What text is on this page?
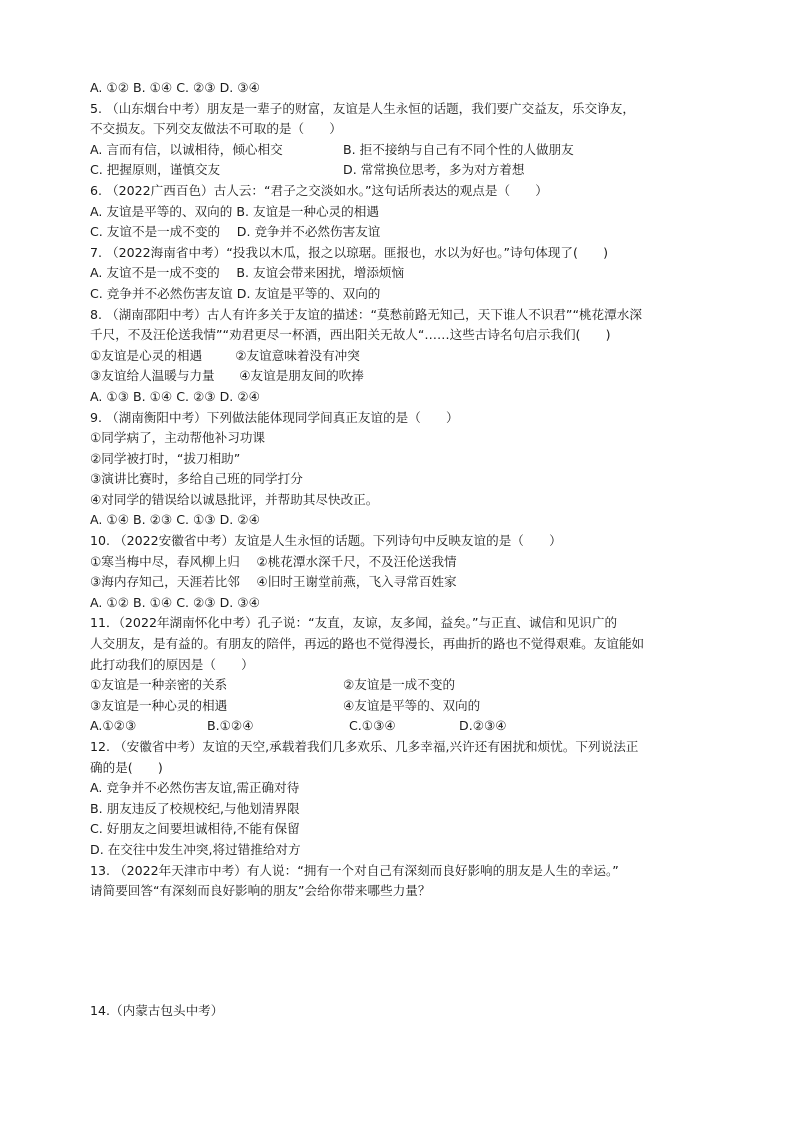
A. ①② B. ①④ C. ②③ D. ③④
5. （山东烟台中考）朋友是一辈子的财富，友谊是人生永恒的话题，我们要广交益友，乐交诤友，
不交损友。下列交友做法不可取的是（　　）
A. 言而有信，以诚相待，倾心相交	B. 拒不接纳与自己有不同个性的人做朋友
C. 把握原则，谨慎交友	D. 常常换位思考，多为对方着想
6. （2022广西百色）古人云：“君子之交淡如水。”这句话所表达的观点是（　　）
A. 友谊是平等的、双向的 B. 友谊是一种心灵的相遇
C. 友谊不是一成不变的　 D. 竞争并不必然伤害友谊
7. （2022海南省中考）“投我以木瓜，报之以琼琚。匪报也，水以为好也。”诗句体现了(　　)
A. 友谊不是一成不变的　 B. 友谊会带来困扰，增添烦恼
C. 竞争并不必然伤害友谊 D. 友谊是平等的、双向的
8. （湖南邵阳中考）古人有许多关于友谊的描述：“莫愁前路无知己，天下谁人不识君”“桃花潭水深
千尺，不及汪伦送我情”“劝君更尽一杯酒，西出阳关无故人“……这些古诗名句启示我们(　　)
①友谊是心灵的相遇　　  ②友谊意味着没有冲突
③友谊给人温暖与力量　   ④友谊是朋友间的吹捧
A. ①③ B. ①④ C. ②③ D. ②④
9. （湖南衡阳中考）下列做法能体现同学间真正友谊的是（　　）
①同学病了，主动帮他补习功课
②同学被打时，“拔刀相助”
③演讲比赛时，多给自己班的同学打分
④对同学的错误给以诚恳批评，并帮助其尽快改正。
A. ①④ B. ②③ C. ①③ D. ②④
10. （2022安徽省中考）友谊是人生永恒的话题。下列诗句中反映友谊的是（　　）
①寒当梅中尽，春风柳上归　 ②桃花潭水深千尺，不及汪伦送我情
③海内存知己，天涯若比邻　 ④旧时王谢堂前燕，飞入寻常百姓家
A. ①② B. ①④ C. ②③ D. ③④
11．（2022年湖南怀化中考）孔子说：“友直，友谅，友多闻，益矣。”与正直、诚信和见识广的
人交朋友，是有益的。有朋友的陪伴，再远的路也不觉得漫长，再曲折的路也不觉得艰难。友谊能如
此打动我们的原因是（　　）
①友谊是一种亲密的关系	②友谊是一成不变的
③友谊是一种心灵的相遇	④友谊是平等的、双向的
A.①②③	B.①②④	C.①③④	D.②③④
12. （安徽省中考）友谊的天空,承载着我们几多欢乐、几多幸福,兴许还有困扰和烦忧。下列说法正
确的是(　　)
A. 竞争并不必然伤害友谊,需正确对待
B. 朋友违反了校规校纪,与他划清界限
C. 好朋友之间要坦诚相待,不能有保留
D. 在交往中发生冲突,将过错推给对方
13. （2022年天津市中考）有人说：“拥有一个对自己有深刻而良好影响的朋友是人生的幸运。”
请简要回答“有深刻而良好影响的朋友”会给你带来哪些力量？
14.（内蒙古包头中考）
